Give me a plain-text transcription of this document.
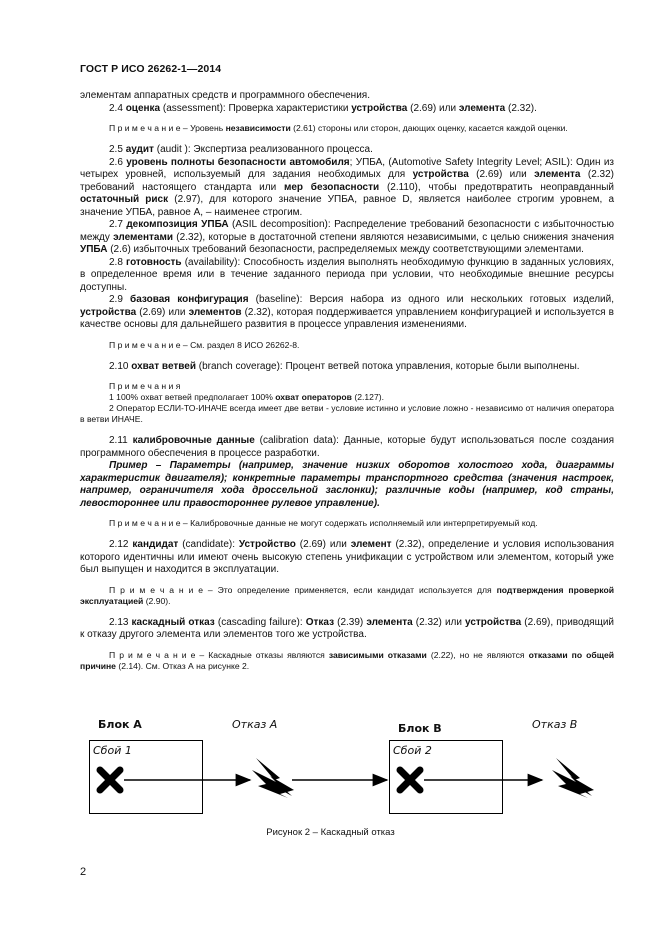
ГОСТ Р ИСО 26262-1—2014

элементам аппаратных средств и программного обеспечения.

2.4 оценка (assessment): Проверка характеристики устройства (2.69) или элемента (2.32).

П р и м е ч а н и е – Уровень независимости (2.61) стороны или сторон, дающих оценку, касается каждой оценки.

2.5 аудит (audit ): Экспертиза реализованного процесса.

2.6 уровень полноты безопасности автомобиля; УПБА, (Automotive Safety Integrity Level; ASIL): Один из четырех уровней, используемый для задания необходимых для устройства (2.69) или элемента (2.32) требований настоящего стандарта или мер безопасности (2.110), чтобы предотвратить неоправданный остаточный риск (2.97), для которого значение УПБА, равное D, является наиболее строгим уровнем, а значение УПБА, равное А, – наименее строгим.

2.7 декомпозиция УПБА (ASIL decomposition): Распределение требований безопасности с избыточностью между элементами (2.32), которые в достаточной степени являются независимыми, с целью снижения значения УПБА (2.6) избыточных требований безопасности, распределяемых между соответствующими элементами.

2.8 готовность (availability): Способность изделия выполнять необходимую функцию в заданных условиях, в определенное время или в течение заданного периода при условии, что необходимые внешние ресурсы доступны.

2.9 базовая конфигурация (baseline): Версия набора из одного или нескольких готовых изделий, устройства (2.69) или элементов (2.32), которая поддерживается управлением конфигурацией и используется в качестве основы для дальнейшего развития в процессе управления изменениями.

П р и м е ч а н и е – См. раздел 8 ИСО 26262-8.

2.10 охват ветвей (branch coverage): Процент ветвей потока управления, которые были выполнены.

П р и м е ч а н и я

1 100% охват ветвей предполагает 100% охват операторов (2.127).

2 Оператор ЕСЛИ-ТО-ИНАЧЕ всегда имеет две ветви - условие истинно и условие ложно - независимо от наличия оператора в ветви ИНАЧЕ.

2.11 калибровочные данные (calibration data): Данные, которые будут использоваться после создания программного обеспечения в процессе разработки.

Пример – Параметры (например, значение низких оборотов холостого хода, диаграммы характеристик двигателя); конкретные параметры транспортного средства (значения настроек, например, ограничителя хода дроссельной заслонки); различные коды (например, код страны, левостороннее или правостороннее рулевое управление).

П р и м е ч а н и е – Калибровочные данные не могут содержать исполняемый или интерпретируемый код.

2.12 кандидат (candidate): Устройство (2.69) или элемент (2.32), определение и условия использования которого идентичны или имеют очень высокую степень унификации с устройством или элементом, который уже был выпущен и находится в эксплуатации.

П р и м е ч а н и е – Это определение применяется, если кандидат используется для подтверждения проверкой эксплуатацией (2.90).

2.13 каскадный отказ (cascading failure): Отказ (2.39) элемента (2.32) или устройства (2.69), приводящий к отказу другого элемента или элементов того же устройства.

П р и м е ч а н и е – Каскадные отказы являются зависимыми отказами (2.22), но не являются отказами по общей причине (2.14). См. Отказ А на рисунке 2.

Блок А	Отказ А	Блок В	Отказ В
Сбой 1	Сбой 2
Рисунок 2 – Каскадный отказ
2
